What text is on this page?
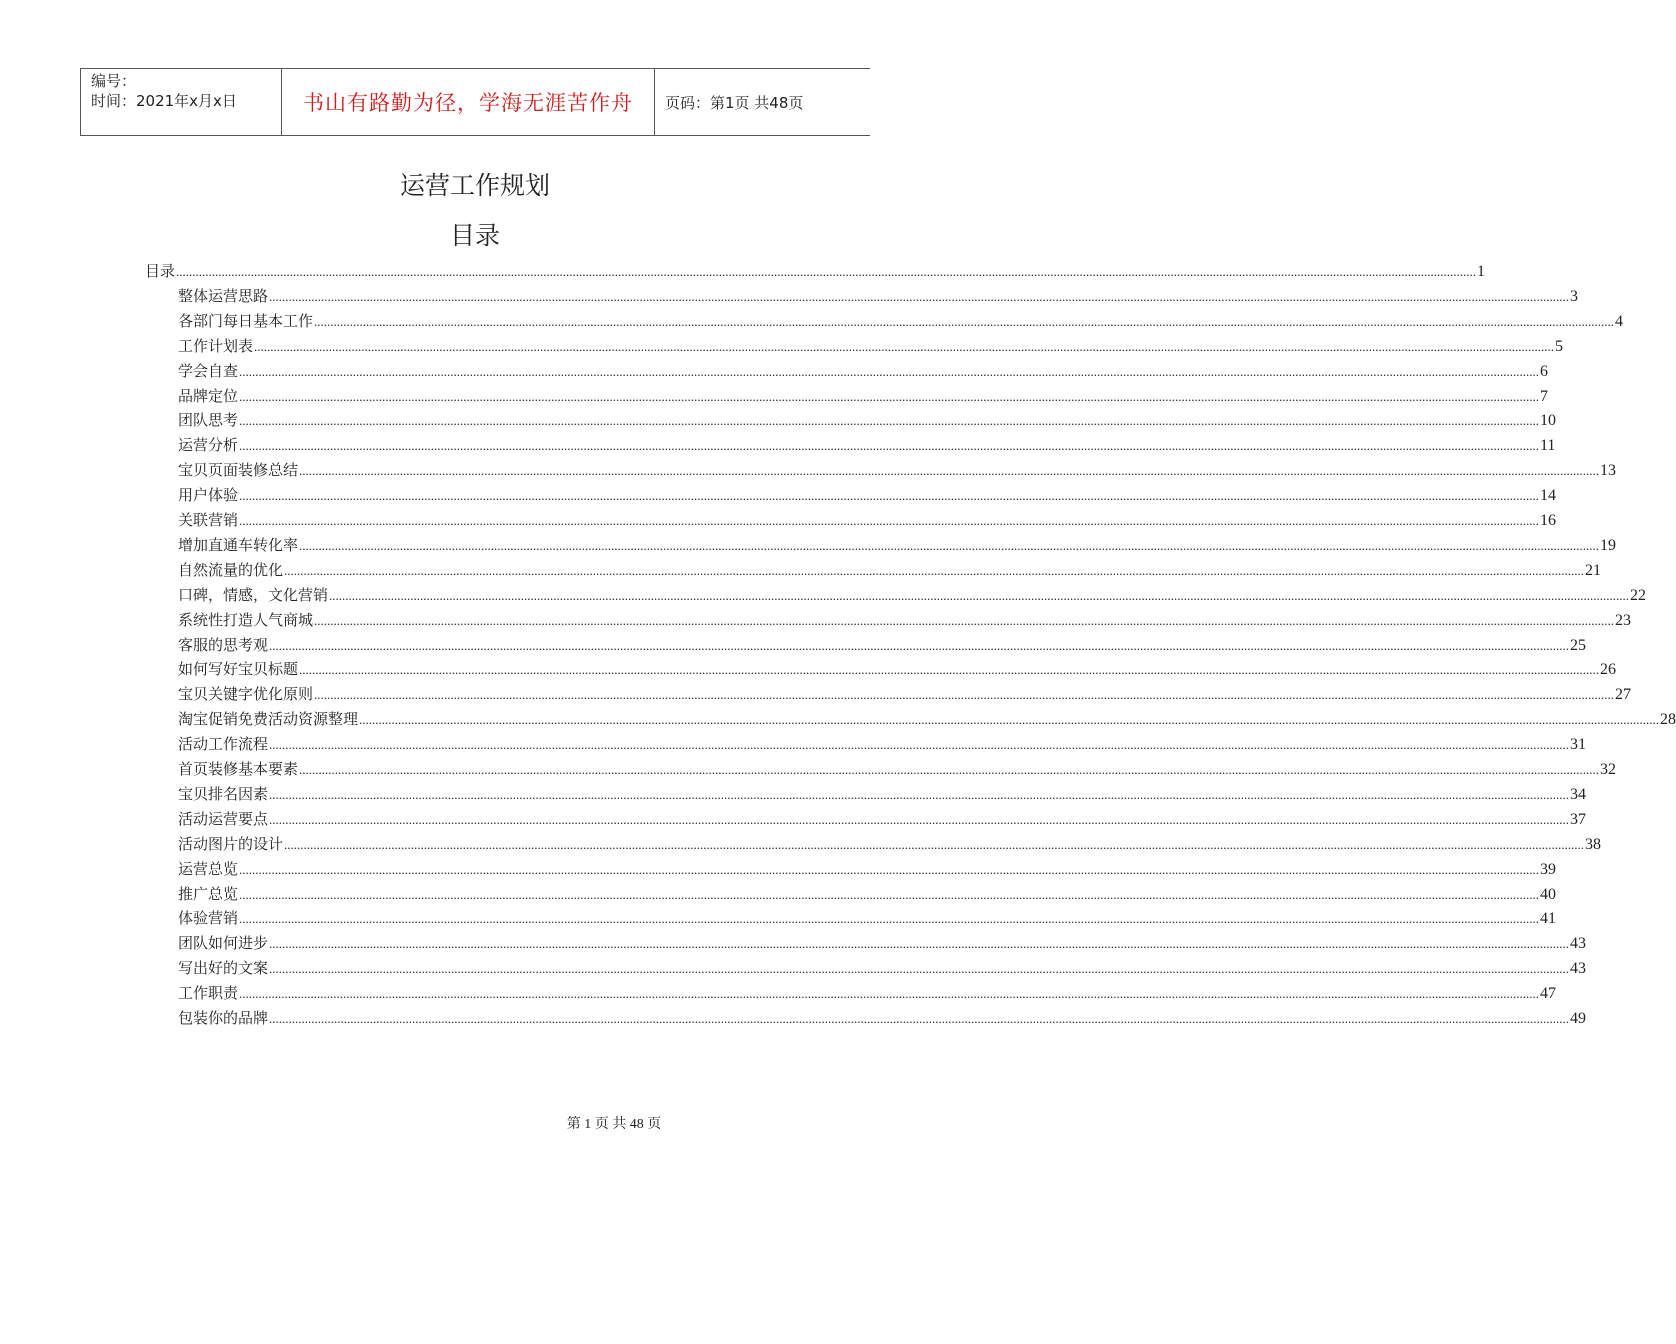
编号：
时间：2021年x月x日	书山有路勤为径，学海无涯苦作舟	页码：第1页 共48页
运营工作规划
目录
目录 ................................................................................................................................................................................................................................................................................................................................................................................................................ 1
整体运营思路 ................................................................................................................................................................................................................................................................................................................................................................................................................ 3
各部门每日基本工作 ................................................................................................................................................................................................................................................................................................................................................................................................................ 4
工作计划表 ................................................................................................................................................................................................................................................................................................................................................................................................................ 5
学会自查 ................................................................................................................................................................................................................................................................................................................................................................................................................ 6
品牌定位 ................................................................................................................................................................................................................................................................................................................................................................................................................ 7
团队思考 ................................................................................................................................................................................................................................................................................................................................................................................................................ 10
运营分析 ................................................................................................................................................................................................................................................................................................................................................................................................................ 11
宝贝页面装修总结 ................................................................................................................................................................................................................................................................................................................................................................................................................ 13
用户体验 ................................................................................................................................................................................................................................................................................................................................................................................................................ 14
关联营销 ................................................................................................................................................................................................................................................................................................................................................................................................................ 16
增加直通车转化率 ................................................................................................................................................................................................................................................................................................................................................................................................................ 19
自然流量的优化 ................................................................................................................................................................................................................................................................................................................................................................................................................ 21
口碑，情感，文化营销 ................................................................................................................................................................................................................................................................................................................................................................................................................ 22
系统性打造人气商城 ................................................................................................................................................................................................................................................................................................................................................................................................................ 23
客服的思考观 ................................................................................................................................................................................................................................................................................................................................................................................................................ 25
如何写好宝贝标题 ................................................................................................................................................................................................................................................................................................................................................................................................................ 26
宝贝关键字优化原则 ................................................................................................................................................................................................................................................................................................................................................................................................................ 27
淘宝促销免费活动资源整理 ................................................................................................................................................................................................................................................................................................................................................................................................................ 28
活动工作流程 ................................................................................................................................................................................................................................................................................................................................................................................................................ 31
首页装修基本要素 ................................................................................................................................................................................................................................................................................................................................................................................................................ 32
宝贝排名因素 ................................................................................................................................................................................................................................................................................................................................................................................................................ 34
活动运营要点 ................................................................................................................................................................................................................................................................................................................................................................................................................ 37
活动图片的设计 ................................................................................................................................................................................................................................................................................................................................................................................................................ 38
运营总览 ................................................................................................................................................................................................................................................................................................................................................................................................................ 39
推广总览 ................................................................................................................................................................................................................................................................................................................................................................................................................ 40
体验营销 ................................................................................................................................................................................................................................................................................................................................................................................................................ 41
团队如何进步 ................................................................................................................................................................................................................................................................................................................................................................................................................ 43
写出好的文案 ................................................................................................................................................................................................................................................................................................................................................................................................................ 43
工作职责 ................................................................................................................................................................................................................................................................................................................................................................................................................ 47
包装你的品牌 ................................................................................................................................................................................................................................................................................................................................................................................................................ 49
第 1 页 共 48 页
